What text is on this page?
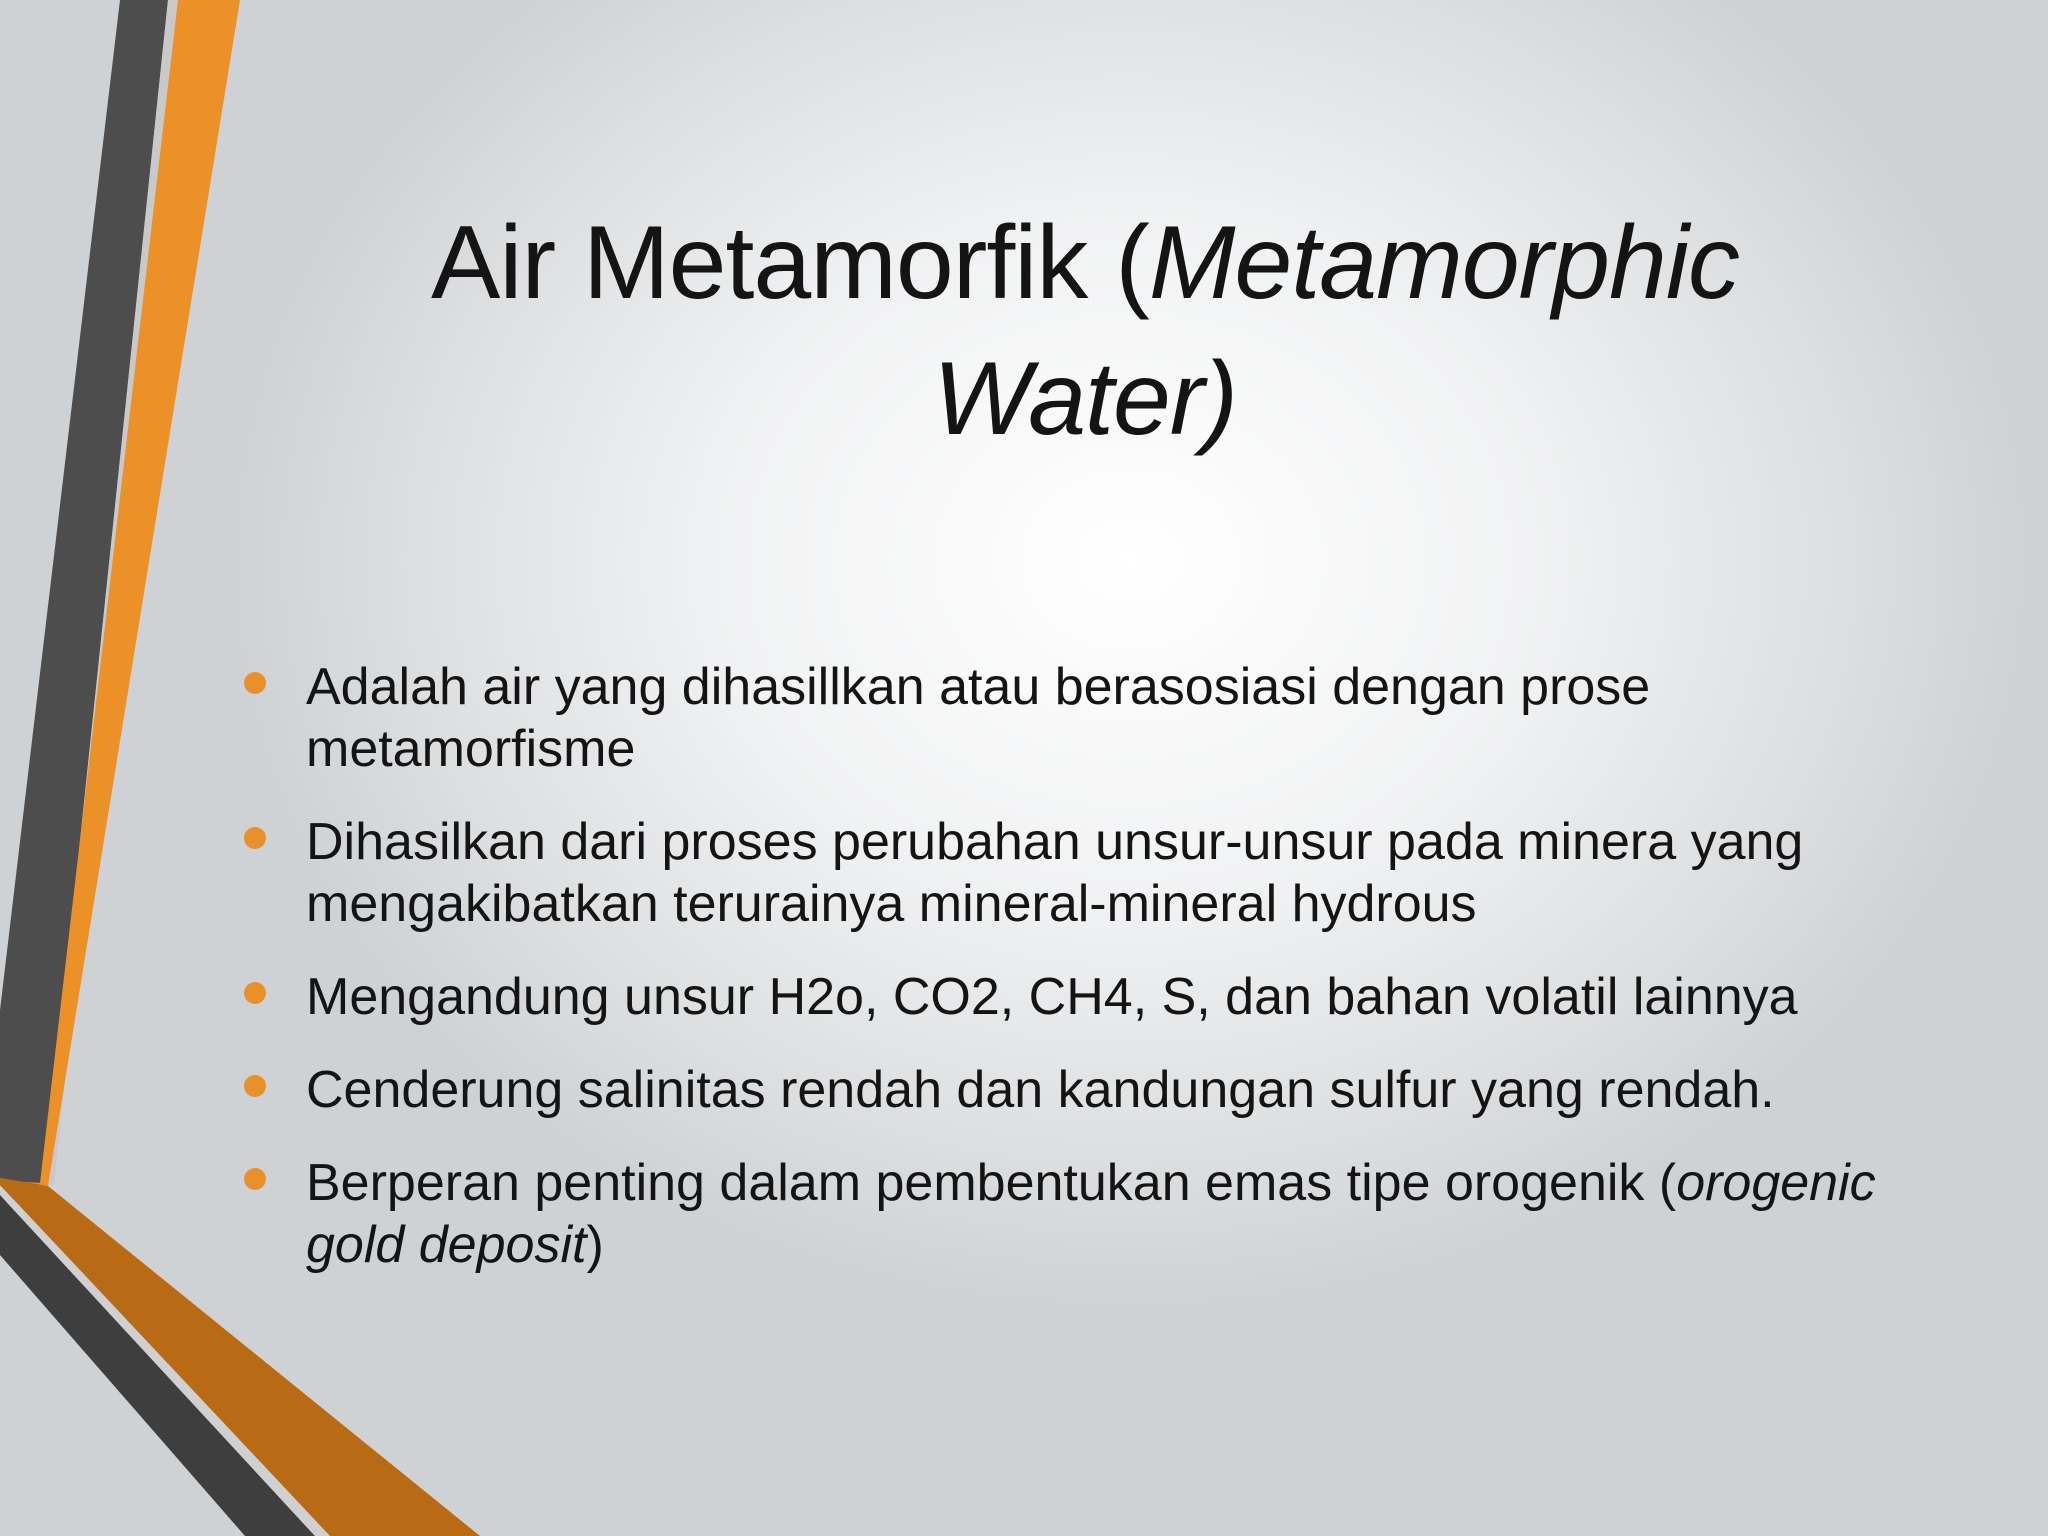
Air Metamorfik (Metamorphic
Water)
Adalah air yang dihasillkan atau berasosiasi dengan prose metamorfisme
Dihasilkan dari proses perubahan unsur-unsur pada minera yang mengakibatkan terurainya mineral-mineral hydrous
Mengandung unsur H2o, CO2, CH4, S, dan bahan volatil lainnya
Cenderung salinitas rendah dan kandungan sulfur yang rendah.
Berperan penting dalam pembentukan emas tipe orogenik (orogenic gold deposit)
